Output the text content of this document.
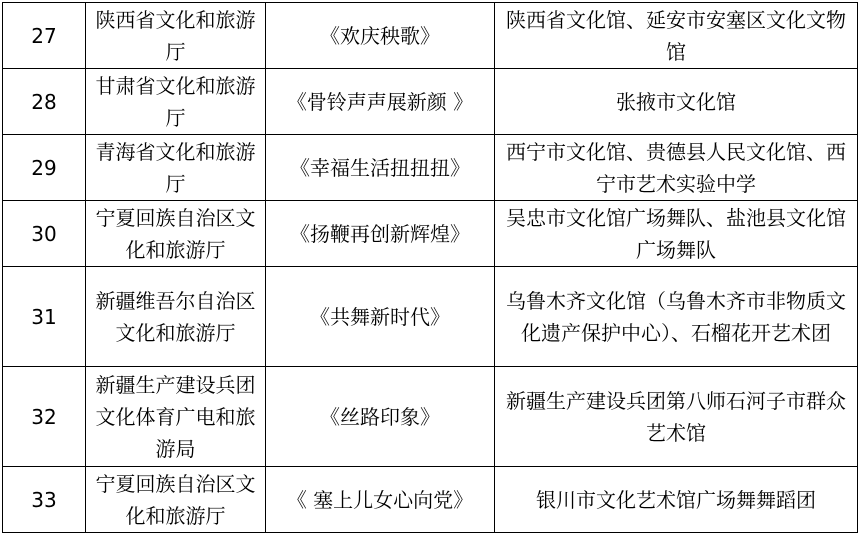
27	陕西省文化和旅游厅	《欢庆秧歌》	陕西省文化馆、延安市安塞区文化文物馆
28	甘肃省文化和旅游厅	《骨铃声声展新颜 》	张掖市文化馆
29	青海省文化和旅游厅	《幸福生活扭扭扭》	西宁市文化馆、贵德县人民文化馆、西宁市艺术实验中学
30	宁夏回族自治区文化和旅游厅	《扬鞭再创新辉煌》	吴忠市文化馆广场舞队、盐池县文化馆广场舞队
31	新疆维吾尔自治区文化和旅游厅	《共舞新时代》	乌鲁木齐文化馆（乌鲁木齐市非物质文化遗产保护中心）、石榴花开艺术团
32	新疆生产建设兵团文化体育广电和旅游局	《丝路印象》	新疆生产建设兵团第八师石河子市群众艺术馆
33	宁夏回族自治区文化和旅游厅	《 塞上儿女心向党》	银川市文化艺术馆广场舞舞蹈团
